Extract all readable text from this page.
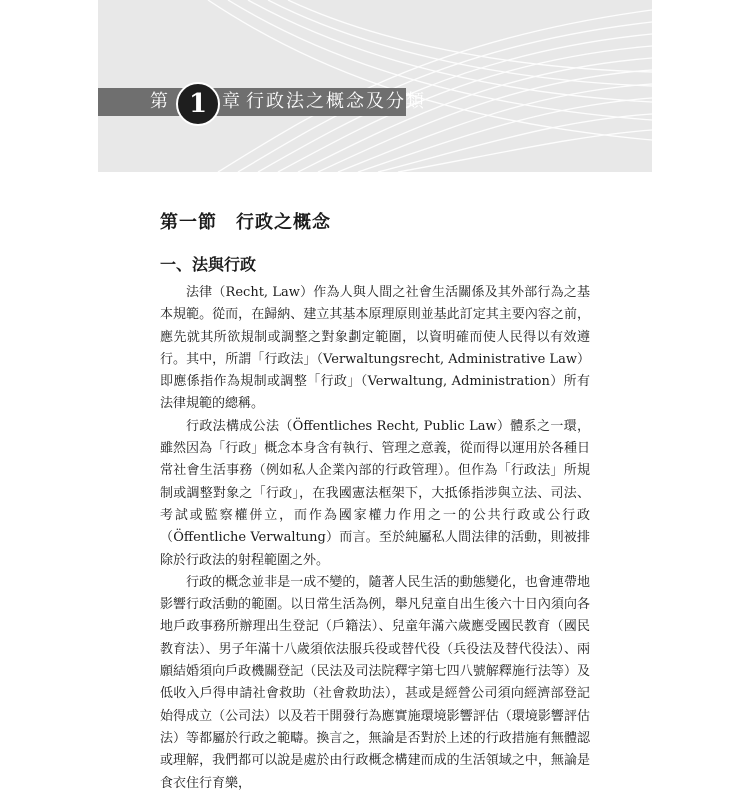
第 1 章 行政法之概念及分類
第一節　行政之概念
一、法與行政

法律（Recht, Law）作為人與人間之社會生活關係及其外部行為之基本規範。從而，在歸納、建立其基本原理原則並基此訂定其主要內容之前，應先就其所欲規制或調整之對象劃定範圍，以資明確而使人民得以有效遵行。其中，所謂「行政法」（Verwaltungsrecht, Administrative Law）即應係指作為規制或調整「行政」（Verwaltung, Administration）所有法律規範的總稱。

行政法構成公法（Öffentliches Recht, Public Law）體系之一環，雖然因為「行政」概念本身含有執行、管理之意義，從而得以運用於各種日常社會生活事務（例如私人企業內部的行政管理）。但作為「行政法」所規制或調整對象之「行政」，在我國憲法框架下，大抵係指涉與立法、司法、考試或監察權併立，而作為國家權力作用之一的公共行政或公行政（Öffentliche Verwaltung）而言。至於純屬私人間法律的活動，則被排除於行政法的射程範圍之外。

行政的概念並非是一成不變的，隨著人民生活的動態變化，也會連帶地影響行政活動的範圍。以日常生活為例，舉凡兒童自出生後六十日內須向各地戶政事務所辦理出生登記（戶籍法）、兒童年滿六歲應受國民教育（國民教育法）、男子年滿十八歲須依法服兵役或替代役（兵役法及替代役法）、兩願結婚須向戶政機關登記（民法及司法院釋字第七四八號解釋施行法等）及低收入戶得申請社會救助（社會救助法），甚或是經營公司須向經濟部登記始得成立（公司法）以及若干開發行為應實施環境影響評估（環境影響評估法）等都屬於行政之範疇。換言之，無論是否對於上述的行政措施有無體認或理解，我們都可以說是處於由行政概念構建而成的生活領域之中，無論是食衣住行育樂，
